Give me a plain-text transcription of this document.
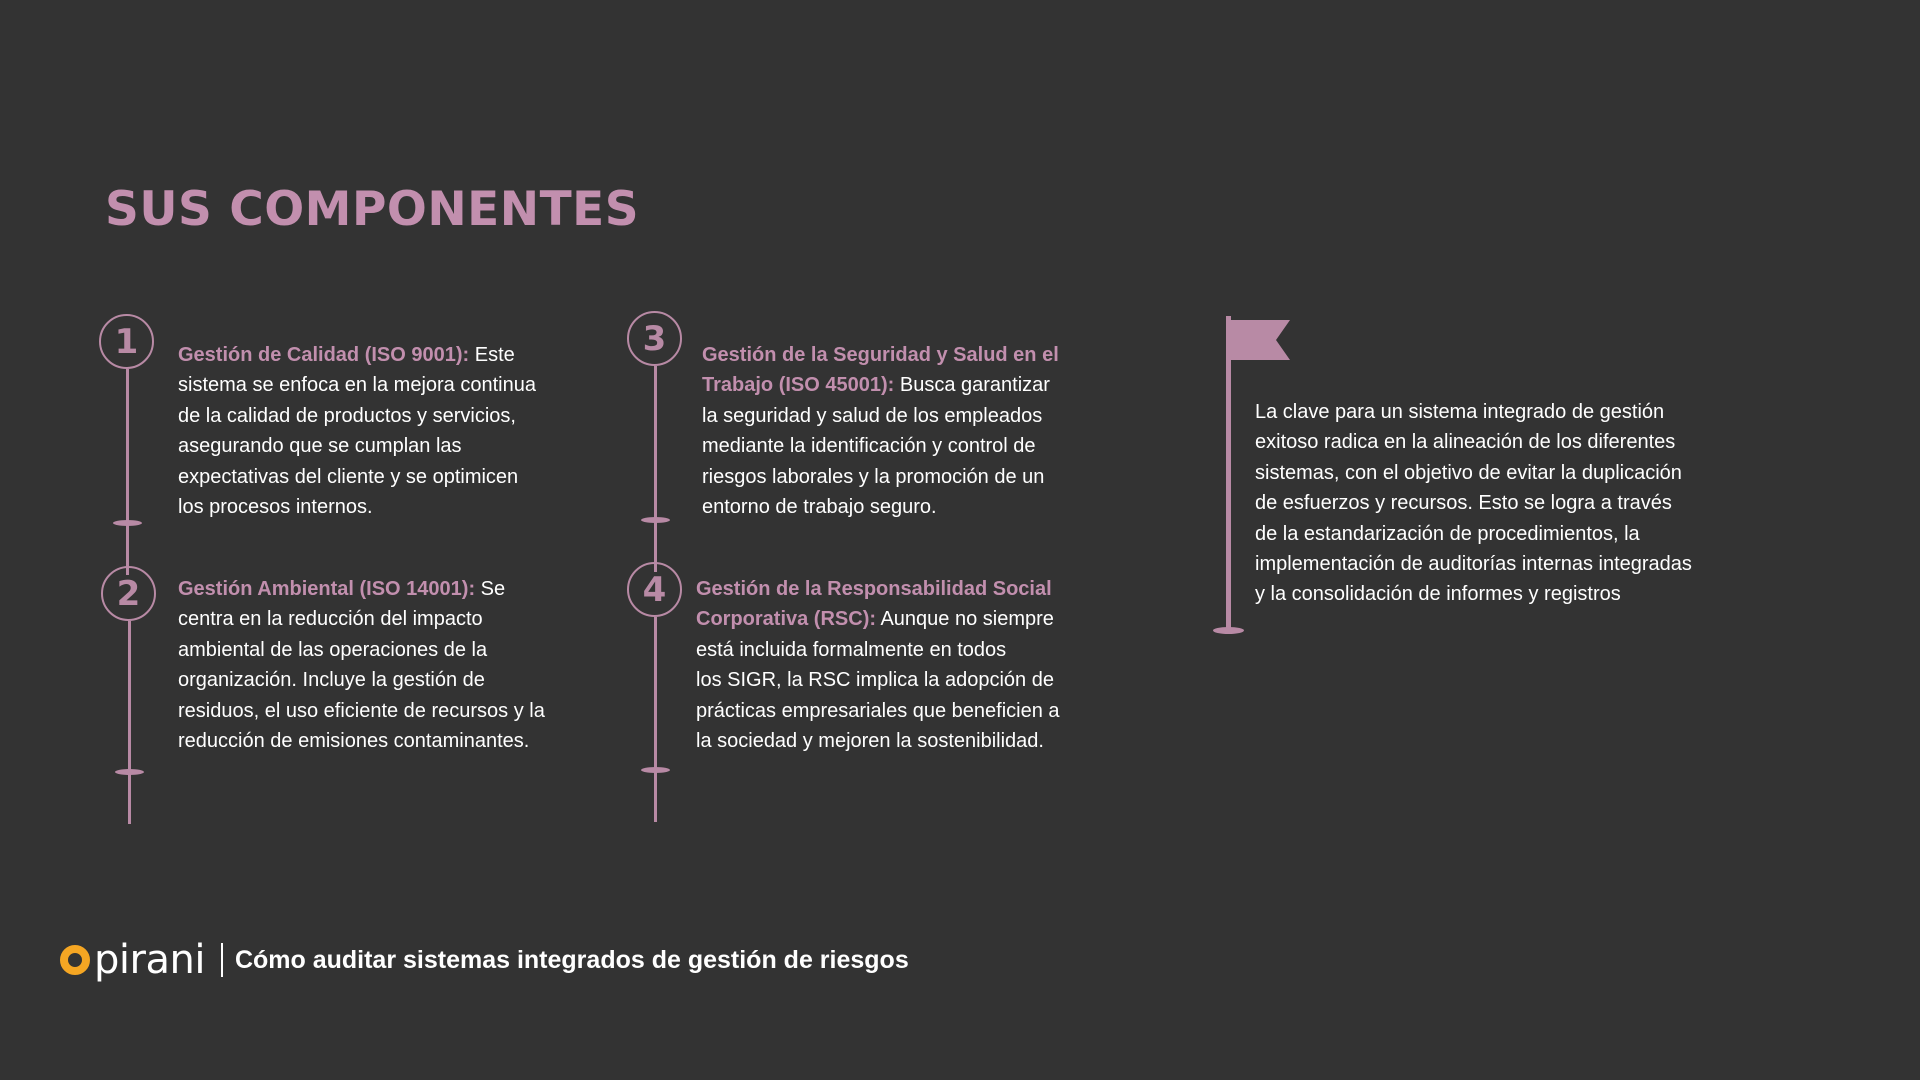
SUS COMPONENTES
1	Gestión de Calidad (ISO 9001): Este
sistema se enfoca en la mejora continua
de la calidad de productos y servicios,
asegurando que se cumplan las
expectativas del cliente y se optimicen
los procesos internos.

2	Gestión Ambiental (ISO 14001): Se
centra en la reducción del impacto
ambiental de las operaciones de la
organización. Incluye la gestión de
residuos, el uso eficiente de recursos y la
reducción de emisiones contaminantes.

3	Gestión de la Seguridad y Salud en el
Trabajo (ISO 45001): Busca garantizar
la seguridad y salud de los empleados
mediante la identificación y control de
riesgos laborales y la promoción de un
entorno de trabajo seguro.

4	Gestión de la Responsabilidad Social
Corporativa (RSC): Aunque no siempre
está incluida formalmente en todos
los SIGR, la RSC implica la adopción de
prácticas empresariales que beneficien a
la sociedad y mejoren la sostenibilidad.

La clave para un sistema integrado de gestión
exitoso radica en la alineación de los diferentes
sistemas, con el objetivo de evitar la duplicación
de esfuerzos y recursos. Esto se logra a través
de la estandarización de procedimientos, la
implementación de auditorías internas integradas
y la consolidación de informes y registros

pirani Cómo auditar sistemas integrados de gestión de riesgos
